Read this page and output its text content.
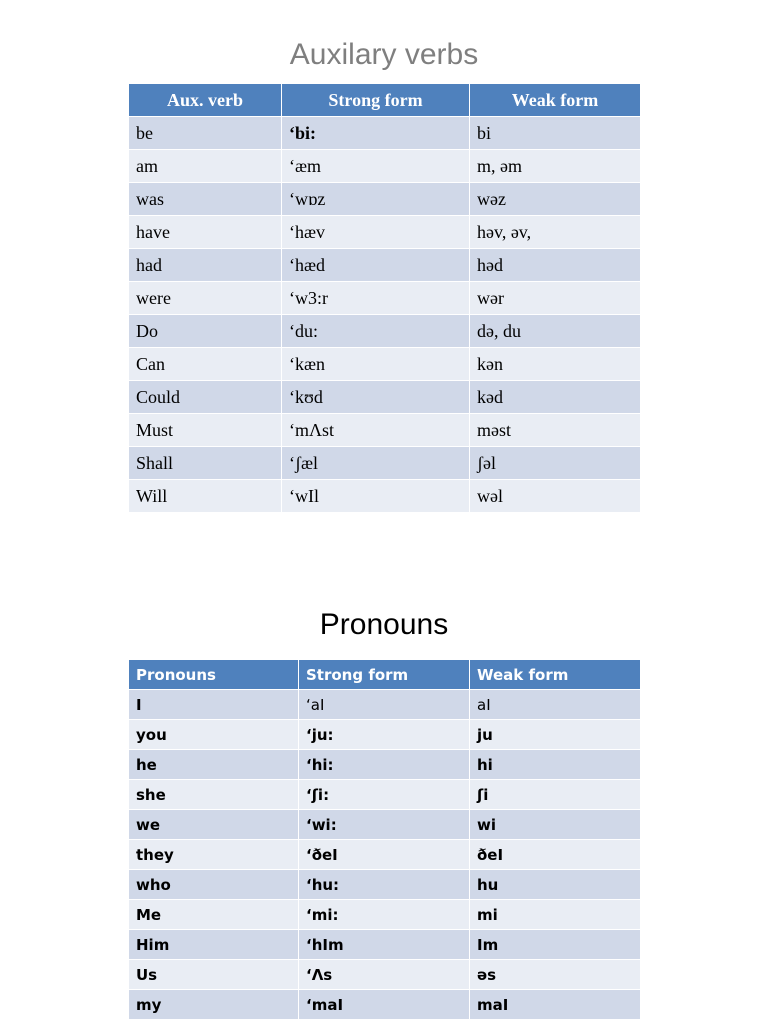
Auxilary verbs
Aux. verb	Strong form	Weak form
be	‘bi:	bi
am	‘æm	m, əm
was	‘wɒz	wəz
have	‘hæv	həv, əv,
had	‘hæd	həd
were	‘w3:r	wər
Do	‘du:	də, du
Can	‘kæn	kən
Could	‘kʊd	kəd
Must	‘mΛst	məst
Shall	‘ʃæl	ʃəl
Will	‘wIl	wəl
Pronouns
Pronouns	Strong form	Weak form
I	‘aI	aI
you	‘ju:	ju
he	‘hi:	hi
she	‘ʃi:	ʃi
we	‘wi:	wi
they	‘ðeI	ðeI
who	‘hu:	hu
Me	‘mi:	mi
Him	‘hIm	Im
Us	‘Λs	əs
my	‘maI	maI
